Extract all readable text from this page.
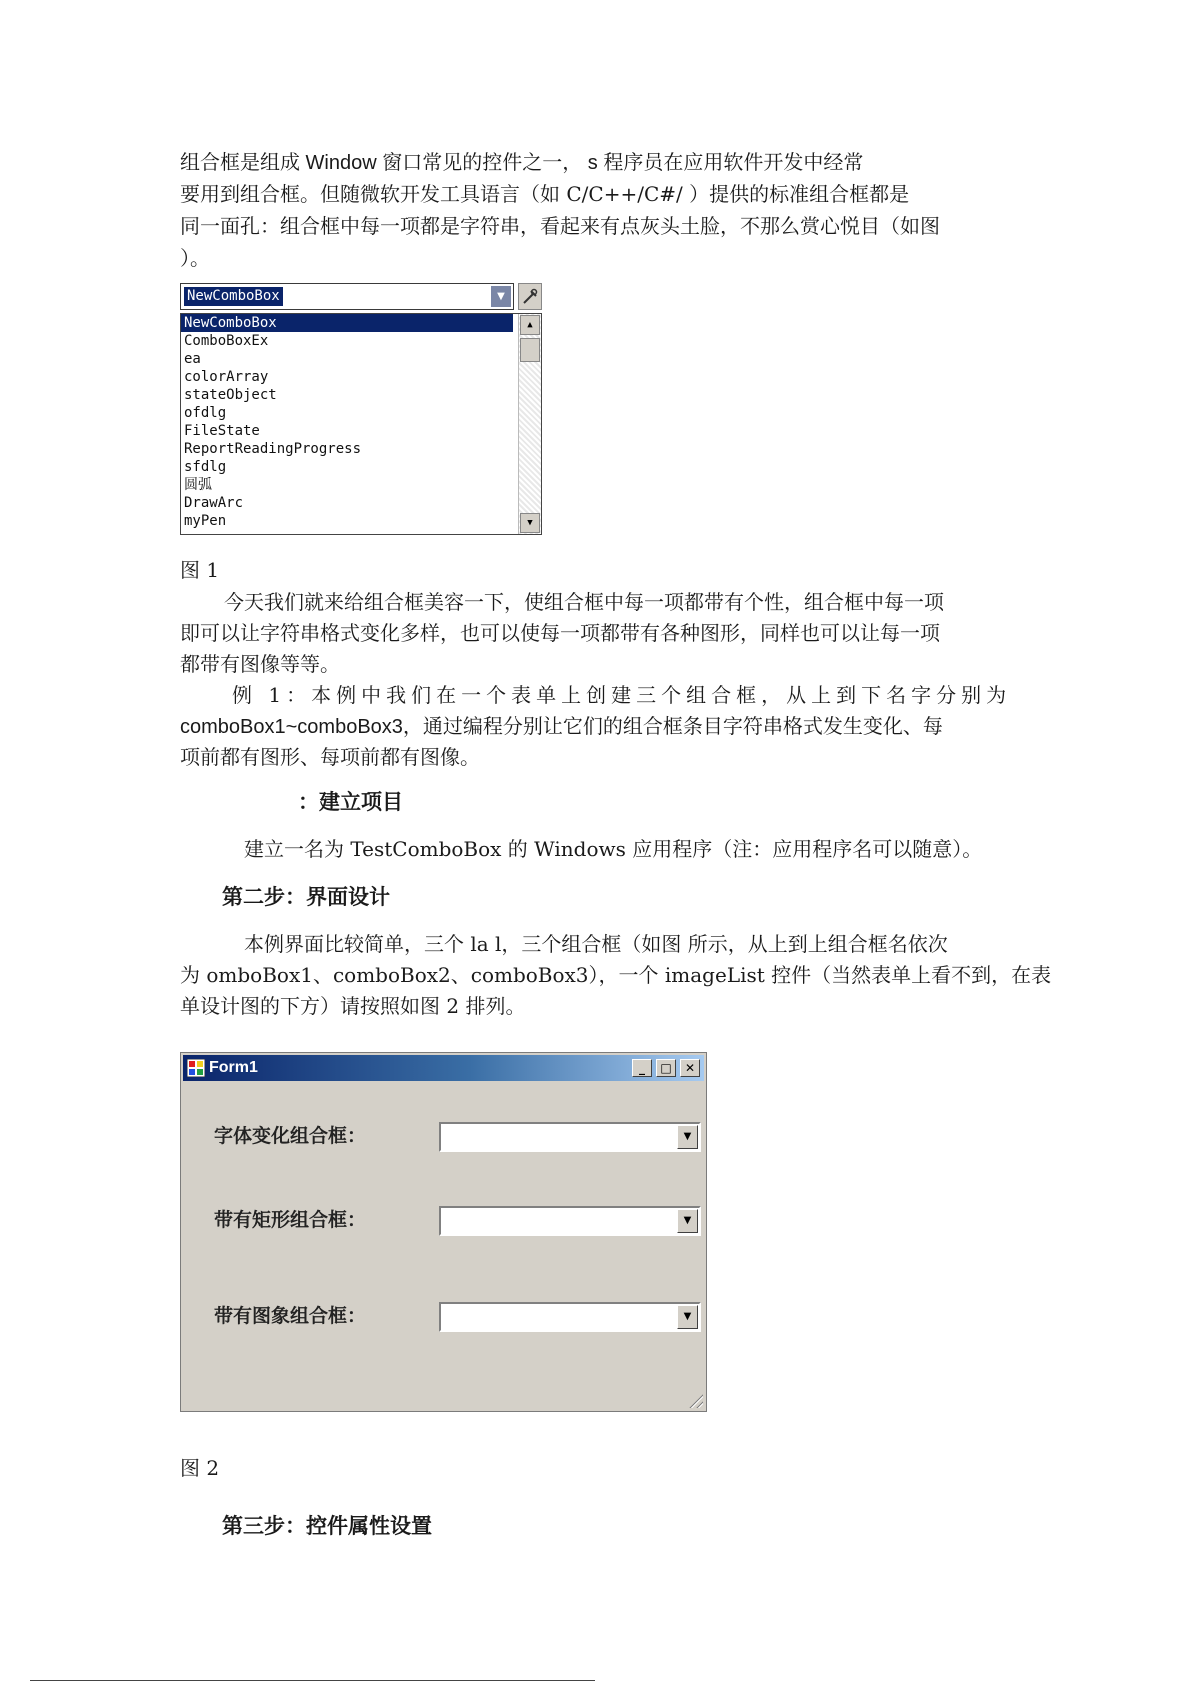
组合框是组成 Window 窗口常见的控件之一， s 程序员在应用软件开发中经常
要用到组合框。但随微软开发工具语言（如 C/C++/C#/ ）提供的标准组合框都是
同一面孔：组合框中每一项都是字符串，看起来有点灰头土脸，不那么赏心悦目（如图
）。
NewComboBox	▼
NewComboBox
ComboBoxEx
ea
colorArray
stateObject
ofdlg
FileState
ReportReadingProgress
sfdlg
圆弧
DrawArc
myPen
▲
▼
图 1
今天我们就来给组合框美容一下，使组合框中每一项都带有个性，组合框中每一项
即可以让字符串格式变化多样，也可以使每一项都带有各种图形，同样也可以让每一项
都带有图像等等。
例 1：本例中我们在一个表单上创建三个组合框，从上到下名字分别为
comboBox1~comboBox3，通过编程分别让它们的组合框条目字符串格式发生变化、每
项前都有图形、每项前都有图像。
：建立项目
建立一名为 TestComboBox 的 Windows 应用程序（注：应用程序名可以随意）。
第二步：界面设计
本例界面比较简单，三个 la l，三个组合框（如图 所示，从上到上组合框名依次
为 omboBox1、comboBox2、comboBox3），一个 imageList 控件（当然表单上看不到，在表
单设计图的下方）请按照如图 2 排列。
Form1	_	□	✕
字体变化组合框：	▼
带有矩形组合框：	▼
带有图象组合框：	▼
图 2
第三步：控件属性设置
